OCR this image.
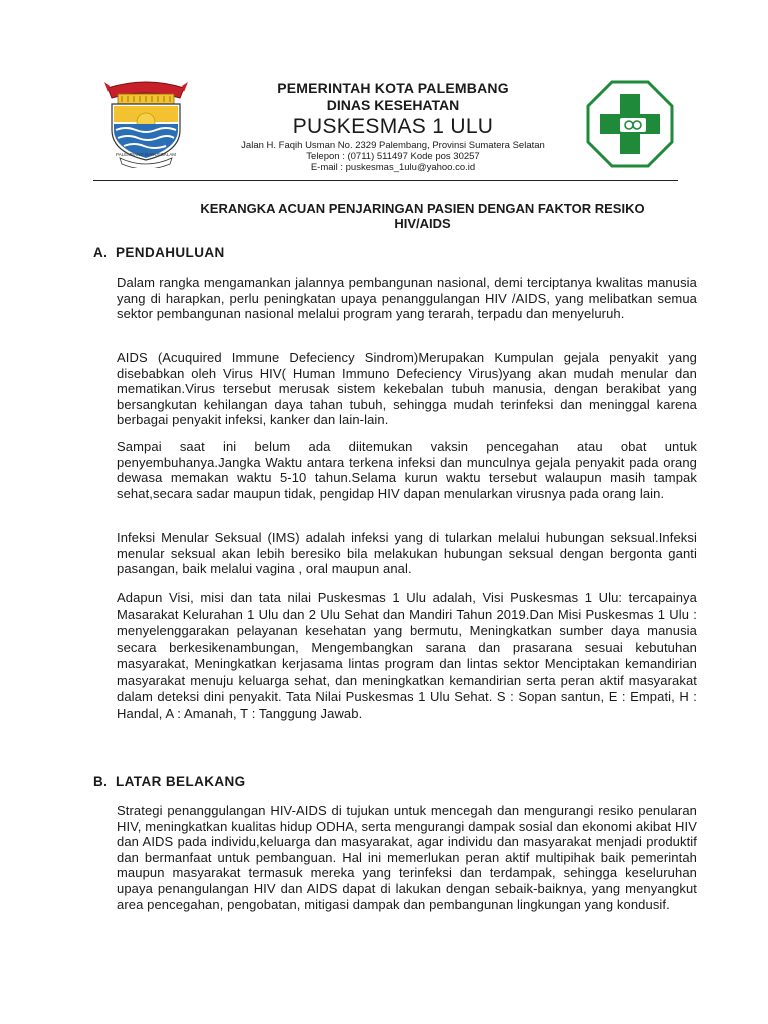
PALEMBANG DARUSSALAM
PEMERINTAH KOTA PALEMBANG
DINAS KESEHATAN
PUSKESMAS 1 ULU
Jalan H. Faqih Usman No. 2329 Palembang, Provinsi Sumatera Selatan
Telepon : (0711) 511497 Kode pos 30257
E-mail : puskesmas_1ulu@yahoo.co.id
KERANGKA ACUAN PENJARINGAN PASIEN DENGAN FAKTOR RESIKO
HIV/AIDS
A. PENDAHULUAN

Dalam rangka mengamankan jalannya pembangunan nasional, demi terciptanya kwalitas manusia yang di harapkan, perlu peningkatan upaya penanggulangan HIV /AIDS, yang melibatkan semua sektor pembangunan nasional melalui program yang terarah, terpadu dan menyeluruh.

AIDS (Acuquired Immune Defeciency Sindrom)Merupakan Kumpulan gejala penyakit yang disebabkan oleh Virus HIV( Human Immuno Defeciency Virus)yang akan mudah menular dan mematikan.Virus tersebut merusak sistem kekebalan tubuh manusia, dengan berakibat yang bersangkutan kehilangan daya tahan tubuh, sehingga mudah terinfeksi dan meninggal karena berbagai penyakit infeksi, kanker dan lain-lain.

Sampai saat ini belum ada diitemukan vaksin pencegahan atau obat untuk penyembuhanya.Jangka Waktu antara terkena infeksi dan munculnya gejala penyakit pada orang dewasa memakan waktu 5-10 tahun.Selama kurun waktu tersebut walaupun masih tampak sehat,secara sadar maupun tidak, pengidap HIV dapan menularkan virusnya pada orang lain.

Infeksi Menular Seksual (IMS) adalah infeksi yang di tularkan melalui hubungan seksual.Infeksi menular seksual akan lebih beresiko bila melakukan hubungan seksual dengan bergonta ganti pasangan, baik melalui vagina , oral maupun anal.

Adapun Visi, misi dan tata nilai Puskesmas 1 Ulu adalah, Visi Puskesmas 1 Ulu: tercapainya Masarakat Kelurahan 1 Ulu dan 2 Ulu Sehat dan Mandiri Tahun 2019.Dan Misi Puskesmas 1 Ulu : menyelenggarakan pelayanan kesehatan yang bermutu, Meningkatkan sumber daya manusia secara berkesikenambungan, Mengembangkan sarana dan prasarana sesuai kebutuhan masyarakat, Meningkatkan kerjasama lintas program dan lintas sektor Menciptakan kemandirian masyarakat menuju keluarga sehat, dan meningkatkan kemandirian serta peran aktif masyarakat dalam deteksi dini penyakit. Tata Nilai Puskesmas 1 Ulu Sehat. S : Sopan santun, E : Empati, H : Handal, A : Amanah, T : Tanggung Jawab.

B. LATAR BELAKANG

Strategi penanggulangan HIV-AIDS di tujukan untuk mencegah dan mengurangi resiko penularan HIV, meningkatkan kualitas hidup ODHA, serta mengurangi dampak sosial dan ekonomi akibat HIV dan AIDS pada individu,keluarga dan masyarakat, agar individu dan masyarakat menjadi produktif dan bermanfaat untuk pembanguan. Hal ini memerlukan peran aktif multipihak baik pemerintah maupun masyarakat termasuk mereka yang terinfeksi dan terdampak, sehingga keseluruhan upaya penangulangan HIV dan AIDS dapat di lakukan dengan sebaik-baiknya, yang menyangkut area pencegahan, pengobatan, mitigasi dampak dan pembangunan lingkungan yang kondusif.
